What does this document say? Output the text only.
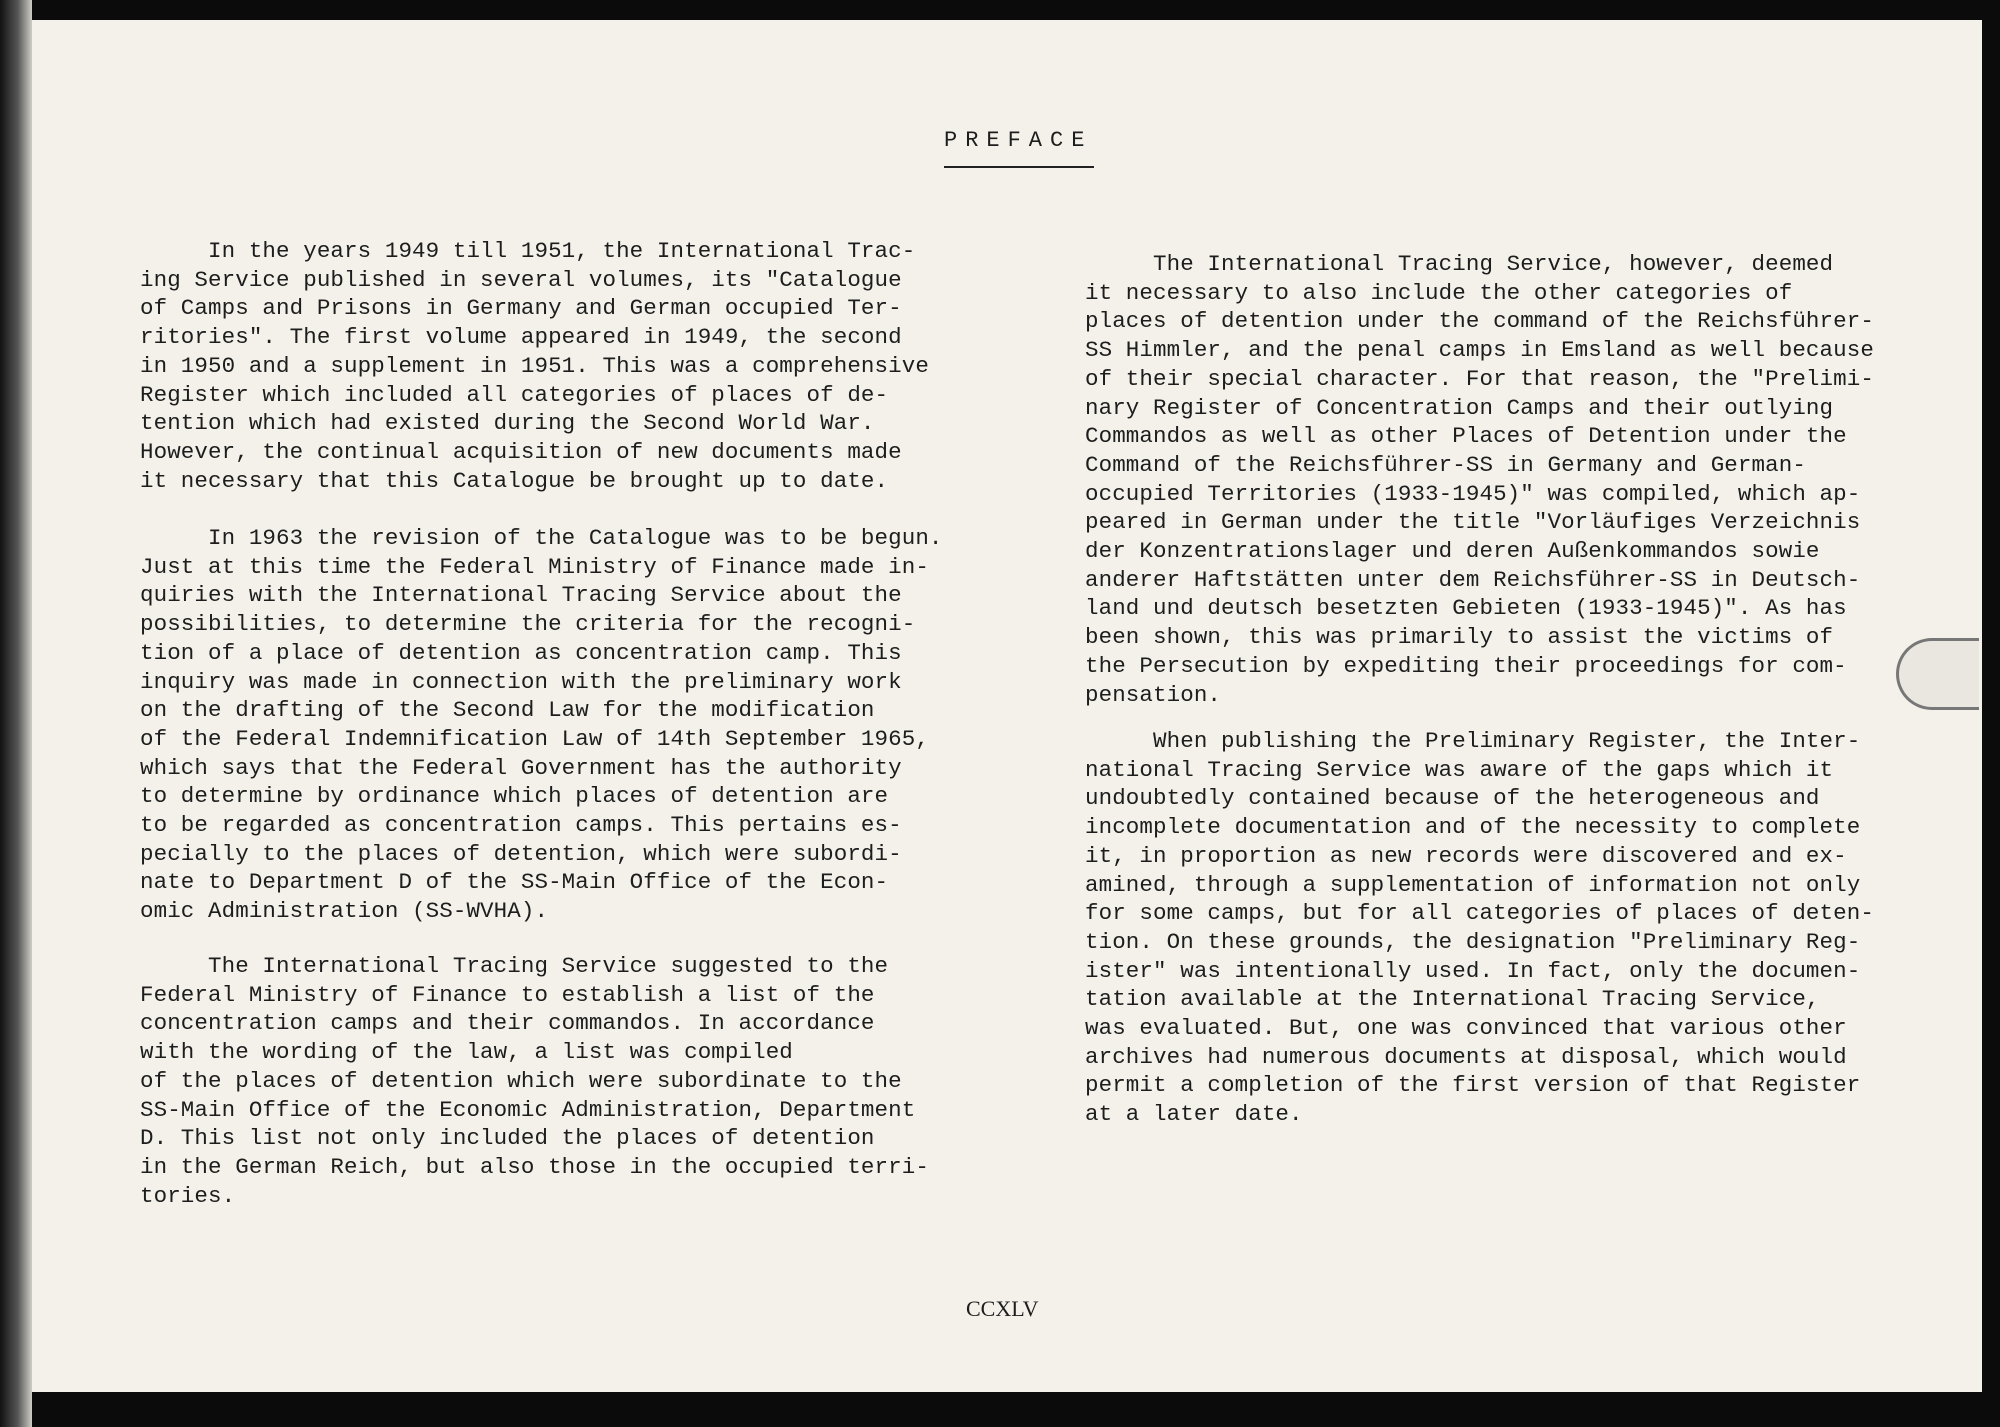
PREFACE
In the years 1949 till 1951, the International Trac-
ing Service published in several volumes, its "Catalogue
of Camps and Prisons in Germany and German occupied Ter-
ritories". The first volume appeared in 1949, the second
in 1950 and a supplement in 1951. This was a comprehensive
Register which included all categories of places of de-
tention which had existed during the Second World War.
However, the continual acquisition of new documents made
it necessary that this Catalogue be brought up to date.
In 1963 the revision of the Catalogue was to be begun.
Just at this time the Federal Ministry of Finance made in-
quiries with the International Tracing Service about the
possibilities, to determine the criteria for the recogni-
tion of a place of detention as concentration camp. This
inquiry was made in connection with the preliminary work
on the drafting of the Second Law for the modification
of the Federal Indemnification Law of 14th September 1965,
which says that the Federal Government has the authority
to determine by ordinance which places of detention are
to be regarded as concentration camps. This pertains es-
pecially to the places of detention, which were subordi-
nate to Department D of the SS-Main Office of the Econ-
omic Administration (SS-WVHA).
The International Tracing Service suggested to the
Federal Ministry of Finance to establish a list of the
concentration camps and their commandos. In accordance
with the wording of the law, a list was compiled
of the places of detention which were subordinate to the
SS-Main Office of the Economic Administration, Department
D. This list not only included the places of detention
in the German Reich, but also those in the occupied terri-
tories.
The International Tracing Service, however, deemed
it necessary to also include the other categories of
places of detention under the command of the Reichsführer-
SS Himmler, and the penal camps in Emsland as well because
of their special character. For that reason, the "Prelimi-
nary Register of Concentration Camps and their outlying
Commandos as well as other Places of Detention under the
Command of the Reichsführer-SS in Germany and German-
occupied Territories (1933-1945)" was compiled, which ap-
peared in German under the title "Vorläufiges Verzeichnis
der Konzentrationslager und deren Außenkommandos sowie
anderer Haftstätten unter dem Reichsführer-SS in Deutsch-
land und deutsch besetzten Gebieten (1933-1945)". As has
been shown, this was primarily to assist the victims of
the Persecution by expediting their proceedings for com-
pensation.
When publishing the Preliminary Register, the Inter-
national Tracing Service was aware of the gaps which it
undoubtedly contained because of the heterogeneous and
incomplete documentation and of the necessity to complete
it, in proportion as new records were discovered and ex-
amined, through a supplementation of information not only
for some camps, but for all categories of places of deten-
tion. On these grounds, the designation "Preliminary Reg-
ister" was intentionally used. In fact, only the documen-
tation available at the International Tracing Service,
was evaluated. But, one was convinced that various other
archives had numerous documents at disposal, which would
permit a completion of the first version of that Register
at a later date.
CCXLV
